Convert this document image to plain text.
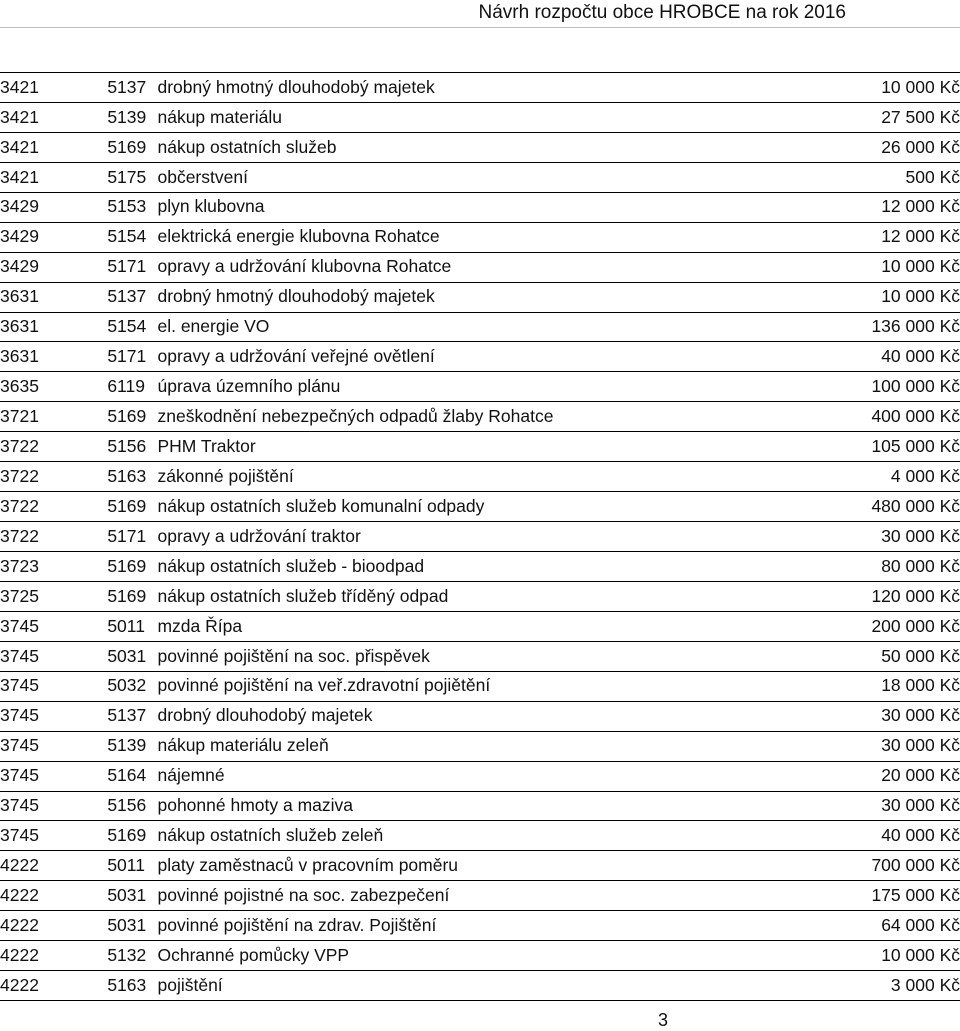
Návrh rozpočtu obce HROBCE na rok 2016
3421	5137	drobný hmotný dlouhodobý majetek	10 000 Kč
3421	5139	nákup materiálu	27 500 Kč
3421	5169	nákup ostatních služeb	26 000 Kč
3421	5175	občerstvení	500 Kč
3429	5153	plyn klubovna	12 000 Kč
3429	5154	elektrická energie klubovna Rohatce	12 000 Kč
3429	5171	opravy a udržování klubovna Rohatce	10 000 Kč
3631	5137	drobný hmotný dlouhodobý majetek	10 000 Kč
3631	5154	el. energie VO	136 000 Kč
3631	5171	opravy a udržování veřejné ovětlení	40 000 Kč
3635	6119	úprava územního plánu	100 000 Kč
3721	5169	zneškodnění nebezpečných odpadů žlaby Rohatce	400 000 Kč
3722	5156	PHM Traktor	105 000 Kč
3722	5163	zákonné pojištění	4 000 Kč
3722	5169	nákup ostatních služeb komunalní odpady	480 000 Kč
3722	5171	opravy a udržování traktor	30 000 Kč
3723	5169	nákup ostatních služeb - bioodpad	80 000 Kč
3725	5169	nákup ostatních služeb tříděný odpad	120 000 Kč
3745	5011	mzda Řípa	200 000 Kč
3745	5031	povinné pojištění na soc. přispěvek	50 000 Kč
3745	5032	povinné pojištění na veř.zdravotní pojiětění	18 000 Kč
3745	5137	drobný dlouhodobý majetek	30 000 Kč
3745	5139	nákup materiálu zeleň	30 000 Kč
3745	5164	nájemné	20 000 Kč
3745	5156	pohonné hmoty a maziva	30 000 Kč
3745	5169	nákup ostatních služeb zeleň	40 000 Kč
4222	5011	platy zaměstnaců v pracovním poměru	700 000 Kč
4222	5031	povinné pojistné na soc. zabezpečení	175 000 Kč
4222	5031	povinné pojištění na zdrav. Pojištění	64 000 Kč
4222	5132	Ochranné pomůcky VPP	10 000 Kč
4222	5163	pojištění	3 000 Kč
3
